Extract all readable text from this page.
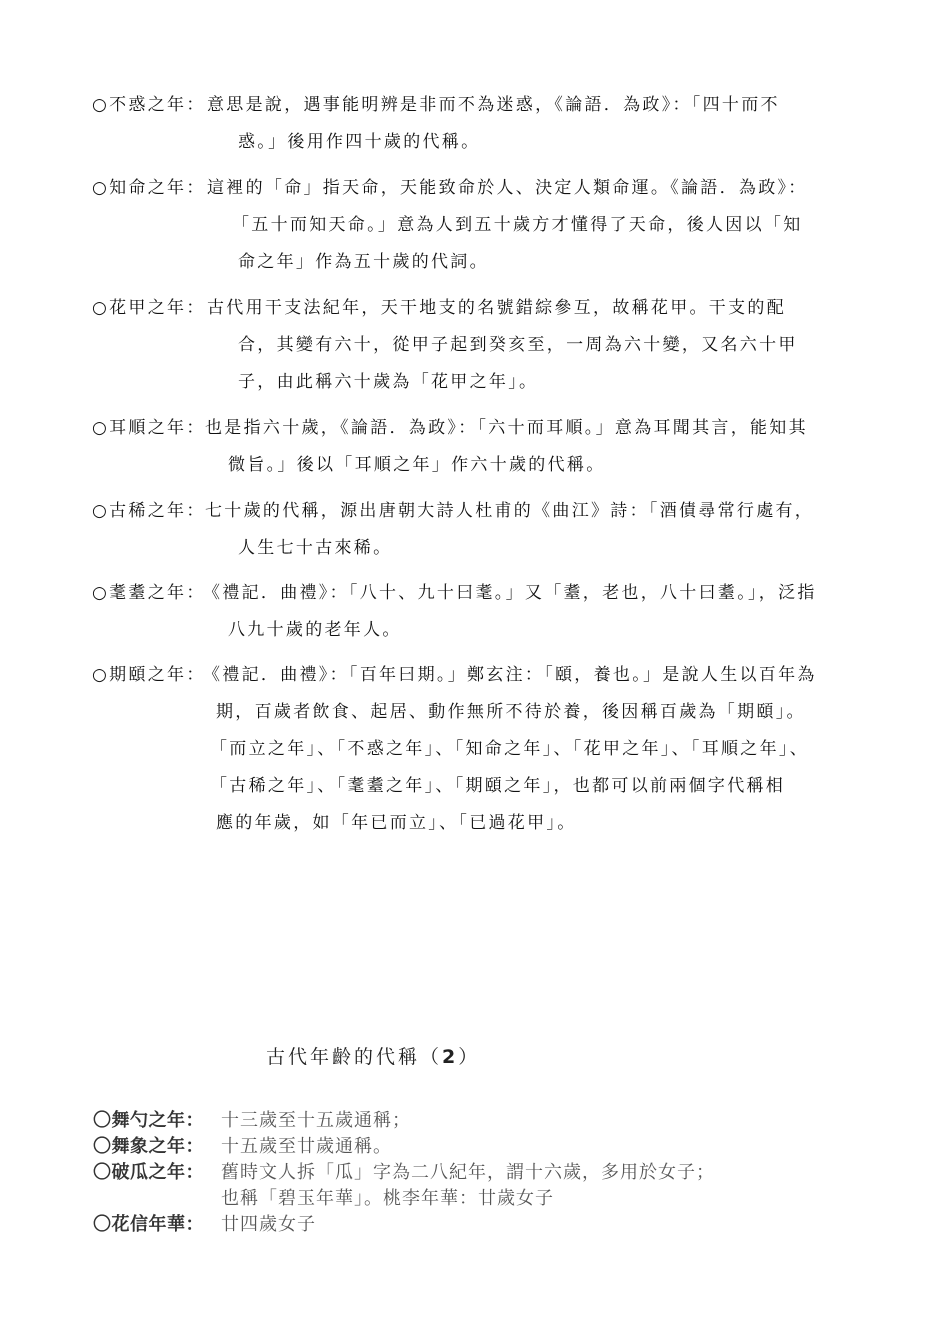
○不惑之年： 意思是說，遇事能明辨是非而不為迷惑，《論語．為政》：「四十而不
惑。」後用作四十歲的代稱。
○知命之年： 這裡的「命」指天命，天能致命於人、決定人類命運。《論語．為政》：
「五十而知天命。」意為人到五十歲方才懂得了天命，後人因以「知
命之年」作為五十歲的代詞。
○花甲之年： 古代用干支法紀年，天干地支的名號錯綜參互，故稱花甲。干支的配
合，其變有六十，從甲子起到癸亥至，一周為六十變，又名六十甲
子，由此稱六十歲為「花甲之年」。
○耳順之年： 也是指六十歲，《論語．為政》：「六十而耳順。」意為耳聞其言，能知其
微旨。」後以「耳順之年」作六十歲的代稱。
○古稀之年： 七十歲的代稱，源出唐朝大詩人杜甫的《曲江》詩：「酒債尋常行處有，
人生七十古來稀。
○耄耋之年：
《禮記．曲禮》：「八十、九十曰耄。」又「耋，老也，八十曰耋。」，泛指
八九十歲的老年人。
○期頤之年：
《禮記．曲禮》：「百年曰期。」鄭玄注：「頤，養也。」是說人生以百年為
期，百歲者飲食、起居、動作無所不待於養，後因稱百歲為「期頤」。
「而立之年」、「不惑之年」、「知命之年」、「花甲之年」、「耳順之年」、
「古稀之年」、「耄耋之年」、「期頤之年」，也都可以前兩個字代稱相
應的年歲，如「年已而立」、「已過花甲」。
古代年齡的代稱（2）
〇舞勺之年： 十三歲至十五歲通稱；
〇舞象之年： 十五歲至廿歲通稱。
〇破瓜之年： 舊時文人拆「瓜」字為二八紀年，謂十六歲，多用於女子；
也稱「碧玉年華」。桃李年華：廿歲女子
〇花信年華： 廿四歲女子
